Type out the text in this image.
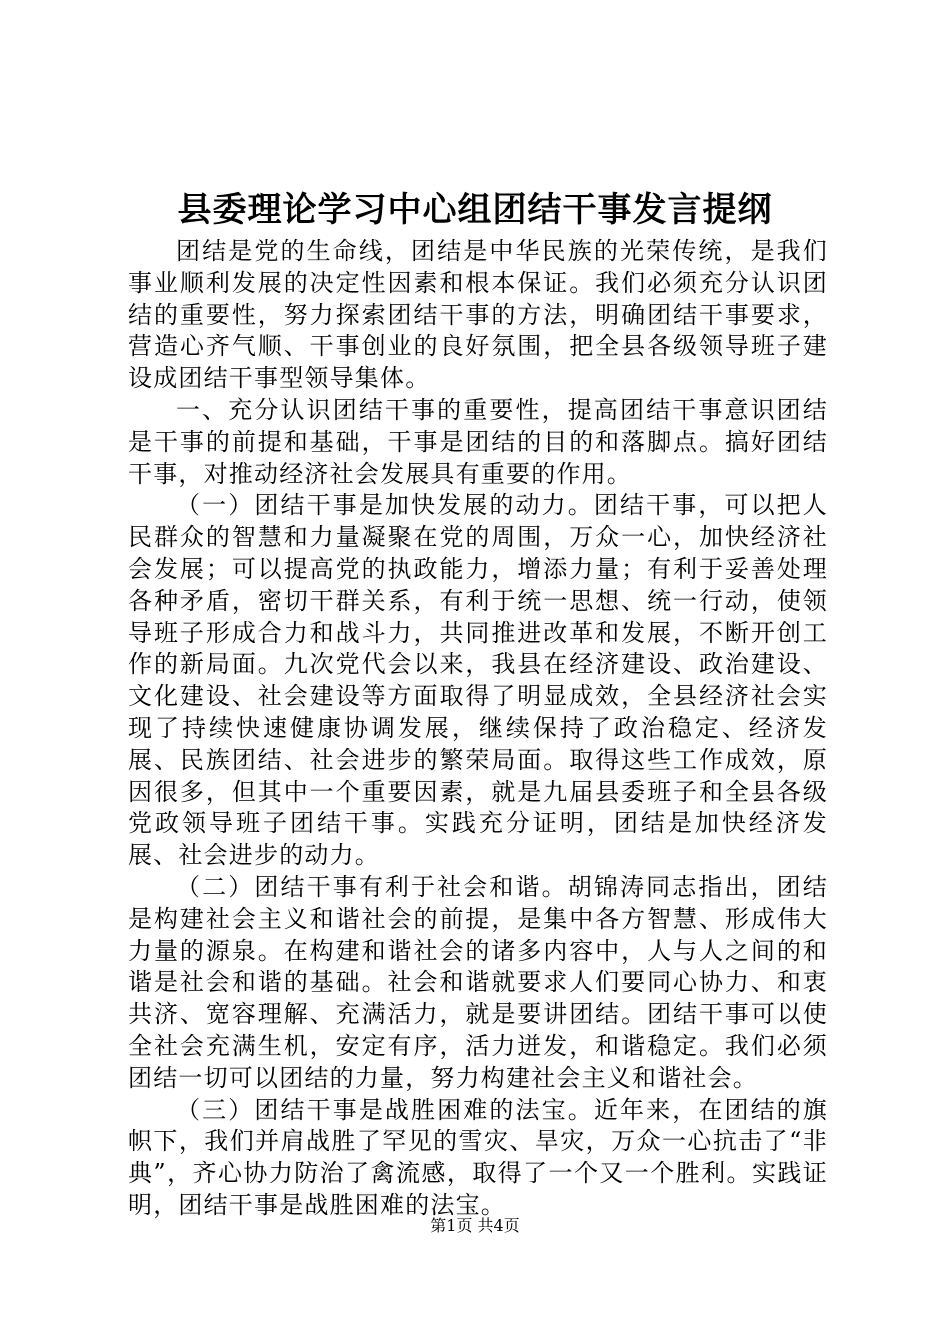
县委理论学习中心组团结干事发言提纲

团结是党的生命线，团结是中华民族的光荣传统，是我们事业顺利发展的决定性因素和根本保证。我们必须充分认识团结的重要性，努力探索团结干事的方法，明确团结干事要求，营造心齐气顺、干事创业的良好氛围，把全县各级领导班子建设成团结干事型领导集体。

一、充分认识团结干事的重要性，提高团结干事意识团结是干事的前提和基础，干事是团结的目的和落脚点。搞好团结干事，对推动经济社会发展具有重要的作用。

（一）团结干事是加快发展的动力。团结干事，可以把人民群众的智慧和力量凝聚在党的周围，万众一心，加快经济社会发展；可以提高党的执政能力，增添力量；有利于妥善处理各种矛盾，密切干群关系，有利于统一思想、统一行动，使领导班子形成合力和战斗力，共同推进改革和发展，不断开创工作的新局面。九次党代会以来，我县在经济建设、政治建设、文化建设、社会建设等方面取得了明显成效，全县经济社会实现了持续快速健康协调发展，继续保持了政治稳定、经济发展、民族团结、社会进步的繁荣局面。取得这些工作成效，原因很多，但其中一个重要因素，就是九届县委班子和全县各级党政领导班子团结干事。实践充分证明，团结是加快经济发展、社会进步的动力。

（二）团结干事有利于社会和谐。胡锦涛同志指出，团结是构建社会主义和谐社会的前提，是集中各方智慧、形成伟大力量的源泉。在构建和谐社会的诸多内容中，人与人之间的和谐是社会和谐的基础。社会和谐就要求人们要同心协力、和衷共济、宽容理解、充满活力，就是要讲团结。团结干事可以使全社会充满生机，安定有序，活力迸发，和谐稳定。我们必须团结一切可以团结的力量，努力构建社会主义和谐社会。

（三）团结干事是战胜困难的法宝。近年来，在团结的旗帜下，我们并肩战胜了罕见的雪灾、旱灾，万众一心抗击了“非典”，齐心协力防治了禽流感，取得了一个又一个胜利。实践证明，团结干事是战胜困难的法宝。

第1页 共4页
